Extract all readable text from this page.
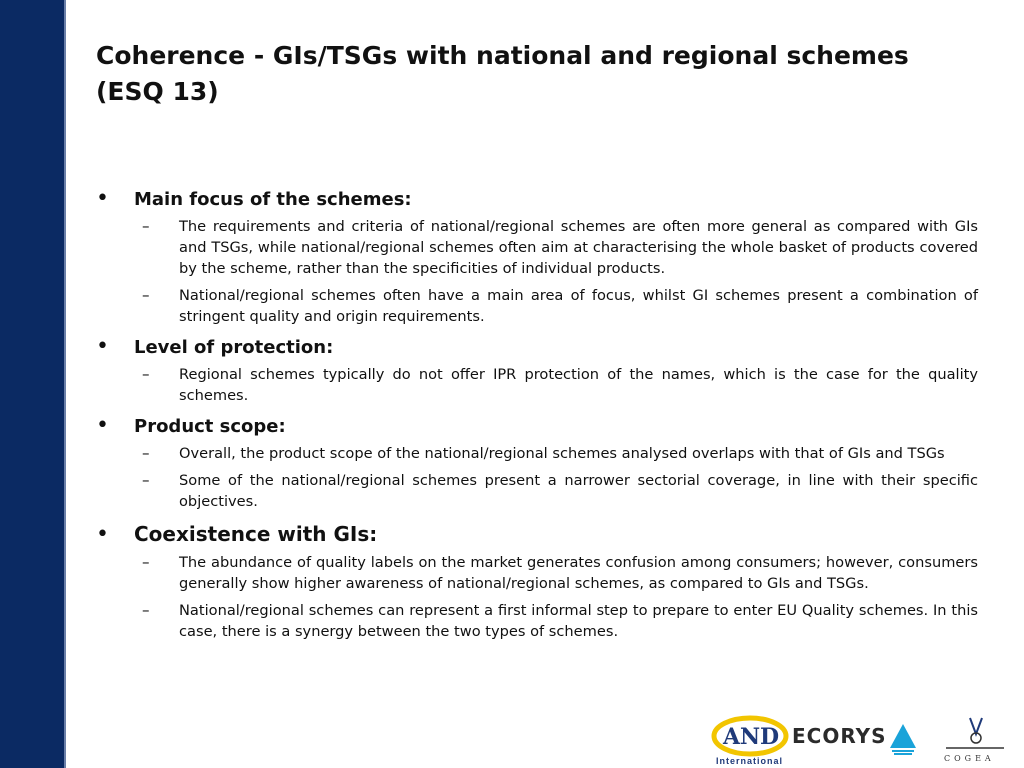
Coherence - GIs/TSGs with national and regional schemes (ESQ 13)
•	Main focus of the schemes:
–	The requirements and criteria of national/regional schemes are often more general as compared with GIs and TSGs, while national/regional schemes often aim at characterising the whole basket of products covered by the scheme, rather than the specificities of individual products.
–	National/regional schemes often have a main area of focus, whilst GI schemes present a combination of stringent quality and origin requirements.
•	Level of protection:
–	Regional schemes typically do not offer IPR protection of the names, which is the case for the quality schemes.
•	Product scope:
–	Overall, the product scope of the national/regional schemes analysed overlaps with that of GIs and TSGs
–	Some of the national/regional schemes present a narrower sectorial coverage, in line with their specific objectives.
•	Coexistence with GIs:
–	The abundance of quality labels on the market generates confusion among consumers; however, consumers generally show higher awareness of national/regional schemes, as compared to GIs and TSGs.
–	National/regional schemes can represent a first informal step to prepare to enter EU Quality schemes. In this case, there is a synergy between the two types of schemes.
A N D
International
ECORYS
COGEA
